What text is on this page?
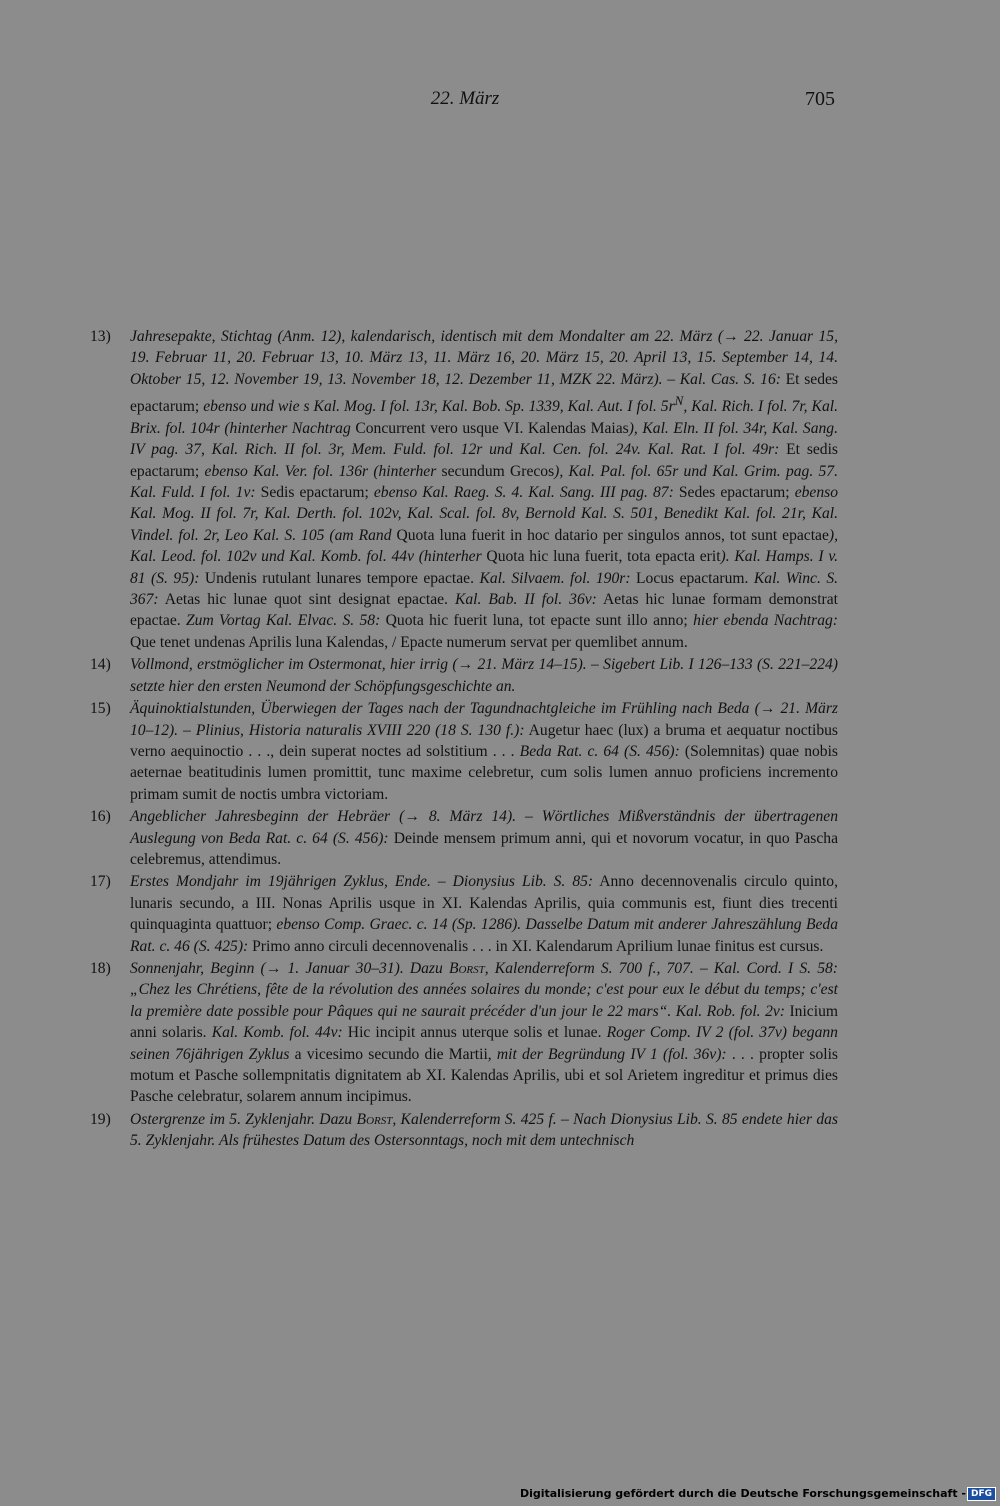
22. März	705
13)	Jahresepakte, Stichtag (Anm. 12), kalendarisch, identisch mit dem Mondalter am 22. März (→ 22. Januar 15, 19. Februar 11, 20. Februar 13, 10. März 13, 11. März 16, 20. März 15, 20. April 13, 15. September 14, 14. Oktober 15, 12. November 19, 13. November 18, 12. Dezember 11, MZK 22. März). – Kal. Cas. S. 16: Et sedes epactarum; ebenso und wie s Kal. Mog. I fol. 13r, Kal. Bob. Sp. 1339, Kal. Aut. I fol. $5r^N$, Kal. Rich. I fol. 7r, Kal. Brix. fol. 104r (hinterher Nachtrag Concurrent vero usque VI. Kalendas Maias), Kal. Eln. II fol. 34r, Kal. Sang. IV pag. 37, Kal. Rich. II fol. 3r, Mem. Fuld. fol. 12r und Kal. Cen. fol. 24v. Kal. Rat. I fol. 49r: Et sedis epactarum; ebenso Kal. Ver. fol. 136r (hinterher secundum Grecos), Kal. Pal. fol. 65r und Kal. Grim. pag. 57. Kal. Fuld. I fol. 1v: Sedis epactarum; ebenso Kal. Raeg. S. 4. Kal. Sang. III pag. 87: Sedes epactarum; ebenso Kal. Mog. II fol. 7r, Kal. Derth. fol. 102v, Kal. Scal. fol. 8v, Bernold Kal. S. 501, Benedikt Kal. fol. 21r, Kal. Vindel. fol. 2r, Leo Kal. S. 105 (am Rand Quota luna fuerit in hoc datario per singulos annos, tot sunt epactae), Kal. Leod. fol. 102v und Kal. Komb. fol. 44v (hinterher Quota hic luna fuerit, tota epacta erit). Kal. Hamps. I v. 81 (S. 95): Undenis rutulant lunares tempore epactae. Kal. Silvaem. fol. 190r: Locus epactarum. Kal. Winc. S. 367: Aetas hic lunae quot sint designat epactae. Kal. Bab. II fol. 36v: Aetas hic lunae formam demonstrat epactae. Zum Vortag Kal. Elvac. S. 58: Quota hic fuerit luna, tot epacte sunt illo anno; hier ebenda Nachtrag: Que tenet undenas Aprilis luna Kalendas, / Epacte numerum servat per quemlibet annum.
14)	Vollmond, erstmöglicher im Ostermonat, hier irrig (→ 21. März 14–15). – Sigebert Lib. I 126–133 (S. 221–224) setzte hier den ersten Neumond der Schöpfungsgeschichte an.
15)	Äquinoktialstunden, Überwiegen der Tages nach der Tagundnachtgleiche im Frühling nach Beda (→ 21. März 10–12). – Plinius, Historia naturalis XVIII 220 (18 S. 130 f.): Augetur haec (lux) a bruma et aequatur noctibus verno aequinoctio . . ., dein superat noctes ad solstitium . . . Beda Rat. c. 64 (S. 456): (Solemnitas) quae nobis aeternae beatitudinis lumen promittit, tunc maxime celebretur, cum solis lumen annuo proficiens incremento primam sumit de noctis umbra victoriam.
16)	Angeblicher Jahresbeginn der Hebräer (→ 8. März 14). – Wörtliches Mißverständnis der übertragenen Auslegung von Beda Rat. c. 64 (S. 456): Deinde mensem primum anni, qui et novorum vocatur, in quo Pascha celebremus, attendimus.
17)	Erstes Mondjahr im 19jährigen Zyklus, Ende. – Dionysius Lib. S. 85: Anno decennovenalis circulo quinto, lunaris secundo, a III. Nonas Aprilis usque in XI. Kalendas Aprilis, quia communis est, fiunt dies trecenti quinquaginta quattuor; ebenso Comp. Graec. c. 14 (Sp. 1286). Dasselbe Datum mit anderer Jahreszählung Beda Rat. c. 46 (S. 425): Primo anno circuli decennovenalis . . . in XI. Kalendarum Aprilium lunae finitus est cursus.
18)	Sonnenjahr, Beginn (→ 1. Januar 30–31). Dazu Borst, Kalenderreform S. 700 f., 707. – Kal. Cord. I S. 58: „Chez les Chrétiens, fête de la révolution des années solaires du monde; c'est pour eux le début du temps; c'est la première date possible pour Pâques qui ne saurait précéder d'un jour le 22 mars“. Kal. Rob. fol. 2v: Inicium anni solaris. Kal. Komb. fol. 44v: Hic incipit annus uterque solis et lunae. Roger Comp. IV 2 (fol. 37v) begann seinen 76jährigen Zyklus a vicesimo secundo die Martii, mit der Begründung IV 1 (fol. 36v): . . . propter solis motum et Pasche sollempnitatis dignitatem ab XI. Kalendas Aprilis, ubi et sol Arietem ingreditur et primus dies Pasche celebratur, solarem annum incipimus.
19)	Ostergrenze im 5. Zyklenjahr. Dazu Borst, Kalenderreform S. 425 f. – Nach Dionysius Lib. S. 85 endete hier das 5. Zyklenjahr. Als frühestes Datum des Ostersonntags, noch mit dem untechnisch
Digitalisierung gefördert durch die Deutsche Forschungsgemeinschaft - DFG
